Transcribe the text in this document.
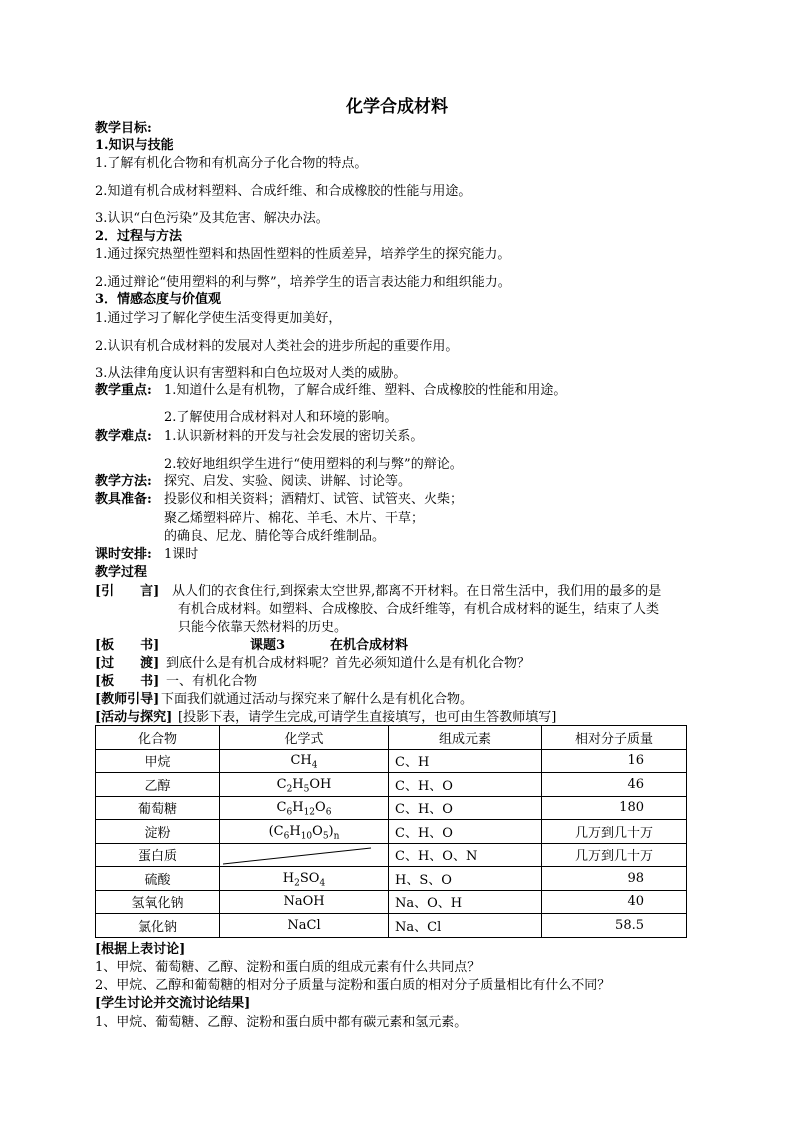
化学合成材料
教学目标:
1.知识与技能
1.了解有机化合物和有机高分子化合物的特点。
2.知道有机合成材料塑料、合成纤维、和合成橡胶的性能与用途。
3.认识“白色污染”及其危害、解决办法。
2．过程与方法
1.通过探究热塑性塑料和热固性塑料的性质差异，培养学生的探究能力。
2.通过辩论“使用塑料的利与弊”，培养学生的语言表达能力和组织能力。
3．情感态度与价值观
1.通过学习了解化学使生活变得更加美好，
2.认识有机合成材料的发展对人类社会的进步所起的重要作用。
3.从法律角度认识有害塑料和白色垃圾对人类的威胁。
教学重点: 1.知道什么是有机物，了解合成纤维、塑料、合成橡胶的性能和用途。
2.了解使用合成材料对人和环境的影响。
教学难点: 1.认识新材料的开发与社会发展的密切关系。
2.较好地组织学生进行“使用塑料的利与弊”的辩论。
教学方法: 探究、启发、实验、阅读、讲解、讨论等。
教具准备: 投影仪和相关资料；酒精灯、试管、试管夹、火柴；
聚乙烯塑料碎片、棉花、羊毛、木片、干草；
的确良、尼龙、腈伦等合成纤维制品。
课时安排: 1课时
教学过程
[引　　言] 从人们的衣食住行,到探索太空世界,都离不开材料。在日常生活中，我们用的最多的是
有机合成材料。如塑料、合成橡胶、合成纤维等，有机合成材料的诞生，结束了人类
只能今依靠天然材料的历史。
[板　　书]	课题3	在机合成材料
[过　　渡] 到底什么是有机合成材料呢？首先必须知道什么是有机化合物？
[板　　书] 一、有机化合物
[教师引导] 下面我们就通过活动与探究来了解什么是有机化合物。
[活动与探究] [投影下表，请学生完成,可请学生直接填写，也可由生答教师填写]
化合物	化学式	组成元素	相对分子质量
甲烷	$CH_4$	C、H	16
乙醇	$C_2H_5OH$	C、H、O	46
葡萄糖	$C_6H_{12}O_6$	C、H、O	180
淀粉	$(C_6H_{10}O_5)_n$	C、H、O	几万到几十万
蛋白质		C、H、O、N	几万到几十万
硫酸	$H_2SO_4$	H、S、O	98
氢氧化钠	NaOH	Na、O、H	40
氯化钠	NaCl	Na、Cl	58.5
[根据上表讨论]
1、甲烷、葡萄糖、乙醇、淀粉和蛋白质的组成元素有什么共同点？
2、甲烷、乙醇和葡萄糖的相对分子质量与淀粉和蛋白质的相对分子质量相比有什么不同？
[学生讨论并交流讨论结果]
1、甲烷、葡萄糖、乙醇、淀粉和蛋白质中都有碳元素和氢元素。
